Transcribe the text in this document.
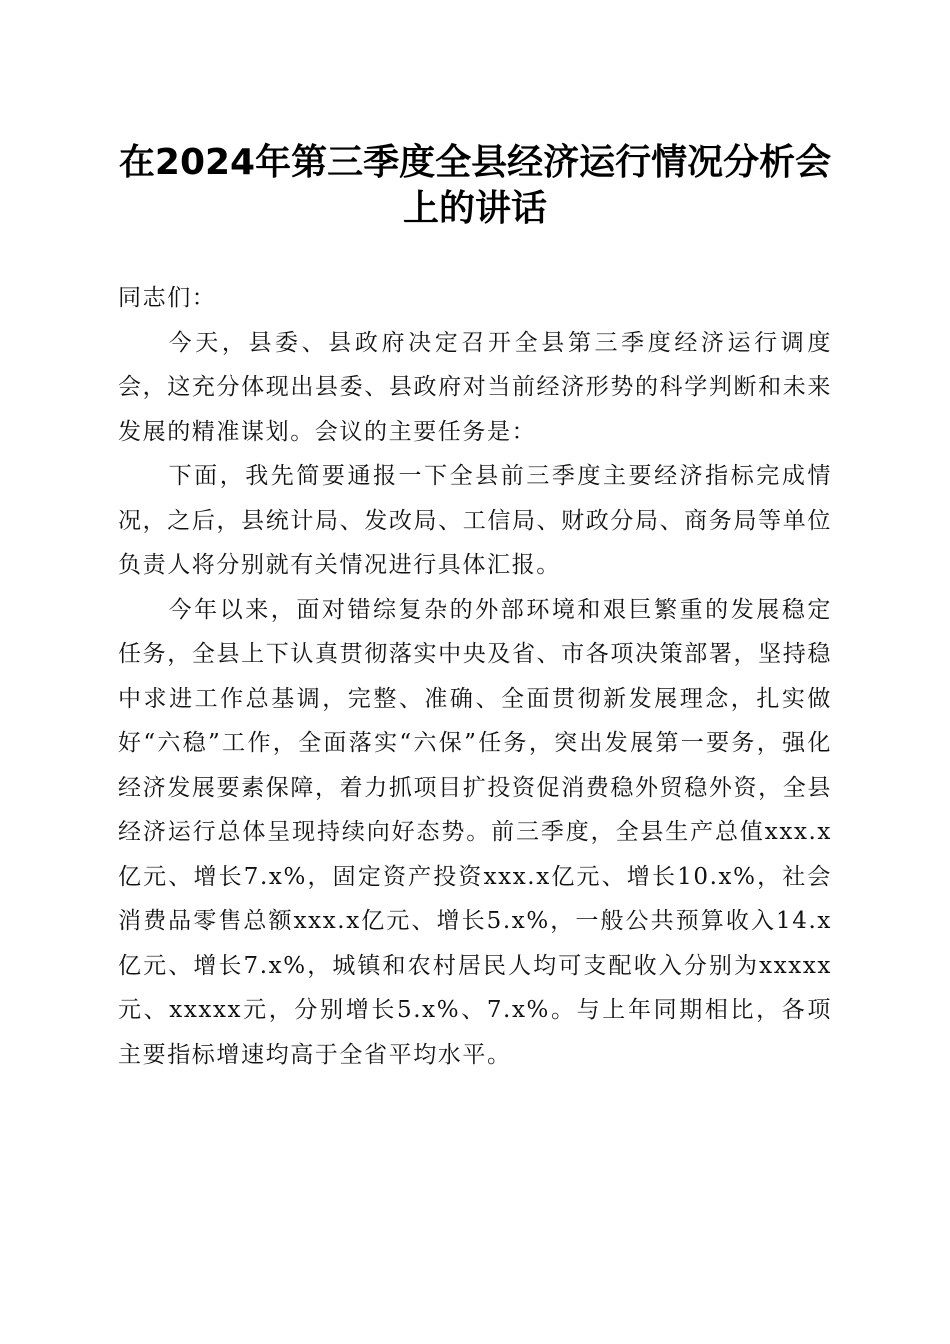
在2024年第三季度全县经济运行情况分析会
上的讲话

同志们：

今天，县委、县政府决定召开全县第三季度经济运行调度会，这充分体现出县委、县政府对当前经济形势的科学判断和未来发展的精准谋划。会议的主要任务是：

下面，我先简要通报一下全县前三季度主要经济指标完成情况，之后，县统计局、发改局、工信局、财政分局、商务局等单位负责人将分别就有关情况进行具体汇报。

今年以来，面对错综复杂的外部环境和艰巨繁重的发展稳定任务，全县上下认真贯彻落实中央及省、市各项决策部署，坚持稳中求进工作总基调，完整、准确、全面贯彻新发展理念，扎实做好“六稳”工作，全面落实“六保”任务，突出发展第一要务，强化经济发展要素保障，着力抓项目扩投资促消费稳外贸稳外资，全县经济运行总体呈现持续向好态势。前三季度，全县生产总值xxx.x亿元、增长7.x%，固定资产投资xxx.x亿元、增长10.x%，社会消费品零售总额xxx.x亿元、增长5.x%，一般公共预算收入14.x亿元、增长7.x%，城镇和农村居民人均可支配收入分别为xxxxx元、xxxxx元，分别增长5.x%、7.x%。与上年同期相比，各项主要指标增速均高于全省平均水平。
